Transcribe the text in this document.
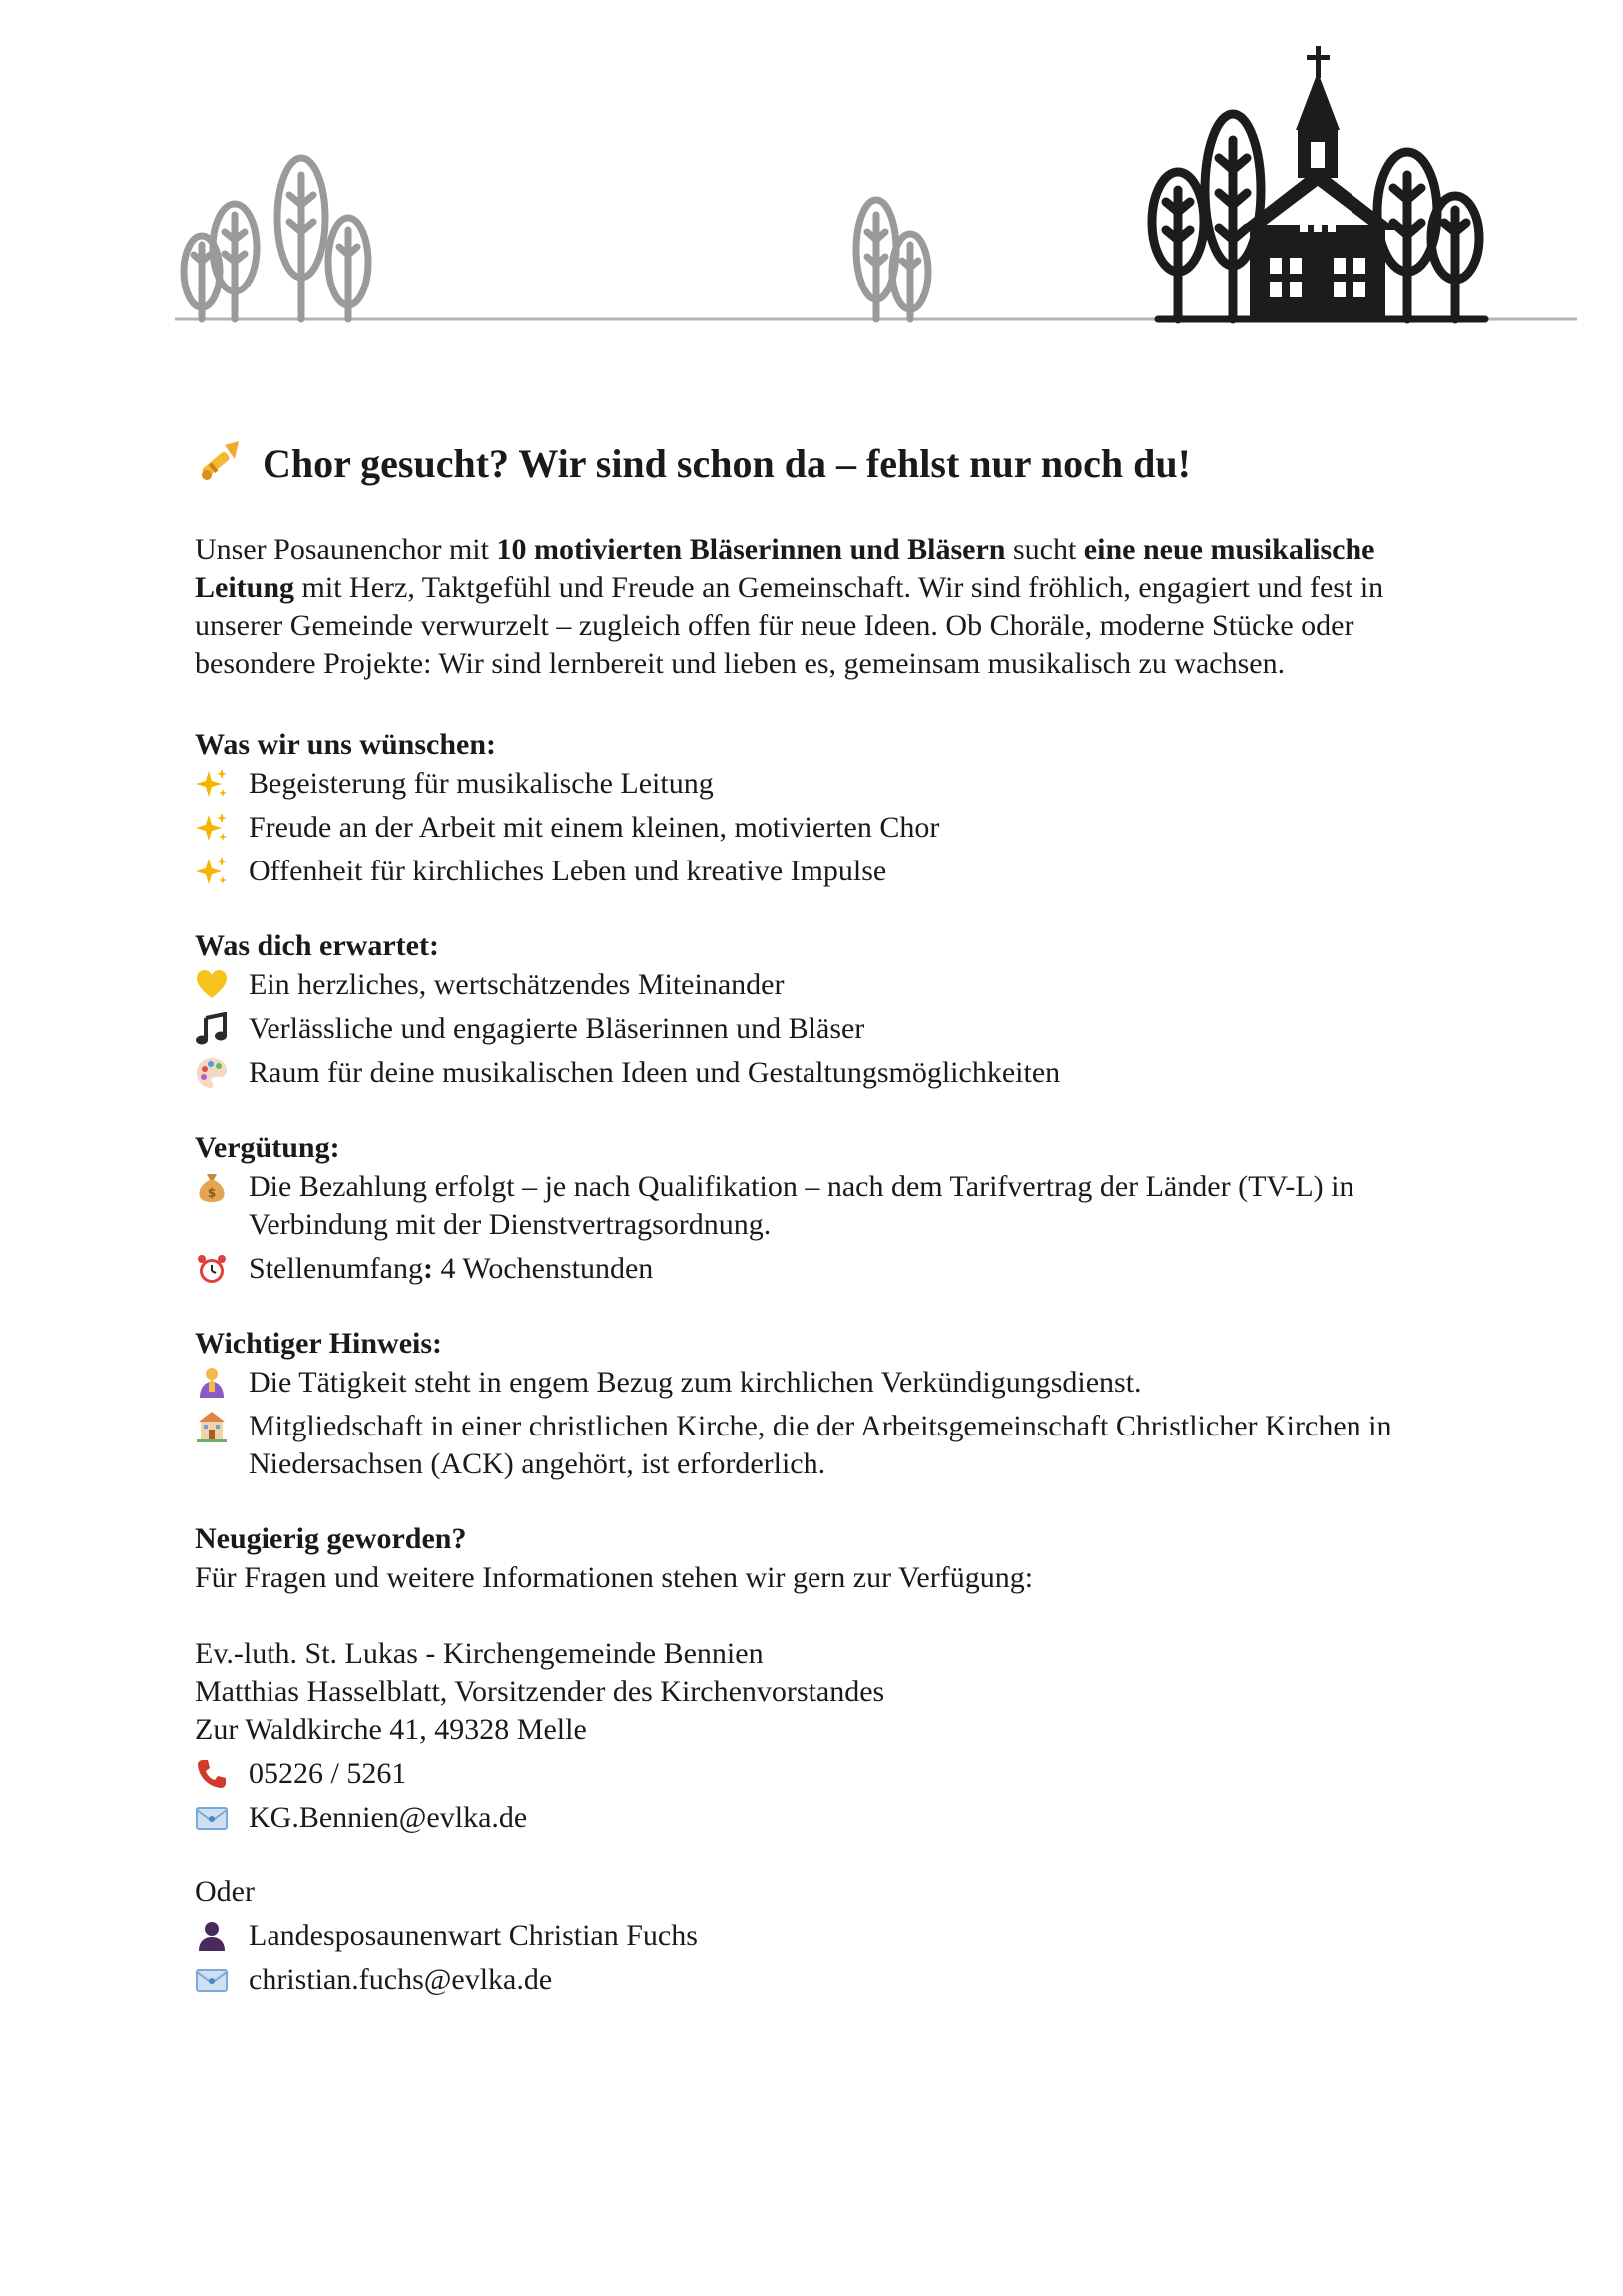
Chor gesucht? Wir sind schon da – fehlst nur noch du!

Unser Posaunenchor mit 10 motivierten Bläserinnen und Bläsern sucht eine neue musikalische Leitung mit Herz, Taktgefühl und Freude an Gemeinschaft. Wir sind fröhlich, engagiert und fest in unserer Gemeinde verwurzelt – zugleich offen für neue Ideen. Ob Choräle, moderne Stücke oder besondere Projekte: Wir sind lernbereit und lieben es, gemeinsam musikalisch zu wachsen.

Was wir uns wünschen:
Begeisterung für musikalische Leitung
Freude an der Arbeit mit einem kleinen, motivierten Chor
Offenheit für kirchliches Leben und kreative Impulse
Was dich erwartet:
Ein herzliches, wertschätzendes Miteinander
Verlässliche und engagierte Bläserinnen und Bläser
Raum für deine musikalischen Ideen und Gestaltungsmöglichkeiten
Vergütung:
$ Die Bezahlung erfolgt – je nach Qualifikation – nach dem Tarifvertrag der Länder (TV-L) in Verbindung mit der Dienstvertragsordnung.
Stellenumfang: 4 Wochenstunden
Wichtiger Hinweis:
Die Tätigkeit steht in engem Bezug zum kirchlichen Verkündigungsdienst.
Mitgliedschaft in einer christlichen Kirche, die der Arbeitsgemeinschaft Christlicher Kirchen in Niedersachsen (ACK) angehört, ist erforderlich.
Neugierig geworden?

Für Fragen und weitere Informationen stehen wir gern zur Verfügung:

Ev.-luth. St. Lukas - Kirchengemeinde Bennien

Matthias Hasselblatt, Vorsitzender des Kirchenvorstandes

Zur Waldkirche 41, 49328 Melle

05226 / 5261
KG.Bennien@evlka.de

Oder

Landesposaunenwart Christian Fuchs
christian.fuchs@evlka.de
